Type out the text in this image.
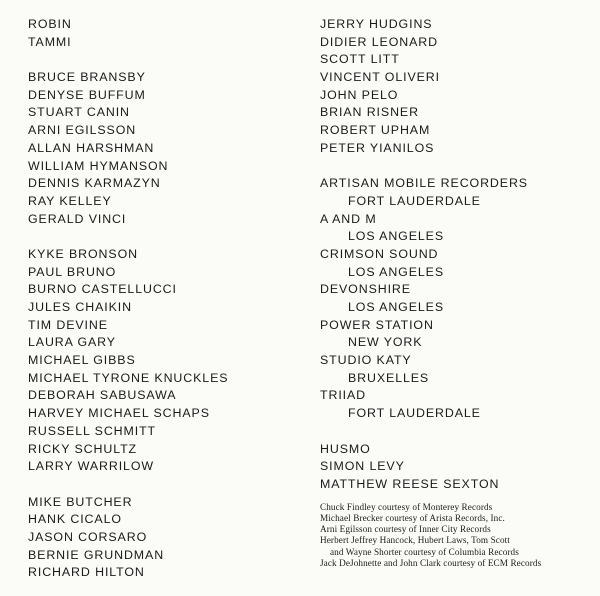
ROBIN
TAMMI
BRUCE BRANSBY
DENYSE BUFFUM
STUART CANIN
ARNI EGILSSON
ALLAN HARSHMAN
WILLIAM HYMANSON
DENNIS KARMAZYN
RAY KELLEY
GERALD VINCI
KYKE BRONSON
PAUL BRUNO
BURNO CASTELLUCCI
JULES CHAIKIN
TIM DEVINE
LAURA GARY
MICHAEL GIBBS
MICHAEL TYRONE KNUCKLES
DEBORAH SABUSAWA
HARVEY MICHAEL SCHAPS
RUSSELL SCHMITT
RICKY SCHULTZ
LARRY WARRILOW
MIKE BUTCHER
HANK CICALO
JASON CORSARO
BERNIE GRUNDMAN
RICHARD HILTON
JERRY HUDGINS
DIDIER LEONARD
SCOTT LITT
VINCENT OLIVERI
JOHN PELO
BRIAN RISNER
ROBERT UPHAM
PETER YIANILOS
ARTISAN MOBILE RECORDERS
FORT LAUDERDALE
A AND M
LOS ANGELES
CRIMSON SOUND
LOS ANGELES
DEVONSHIRE
LOS ANGELES
POWER STATION
NEW YORK
STUDIO KATY
BRUXELLES
TRIIAD
FORT LAUDERDALE
HUSMO
SIMON LEVY
MATTHEW REESE SEXTON
Chuck Findley courtesy of Monterey Records
Michael Brecker courtesy of Arista Records, Inc.
Arni Egilsson courtesy of Inner City Records
Herbert Jeffrey Hancock, Hubert Laws, Tom Scott
and Wayne Shorter courtesy of Columbia Records
Jack DeJohnette and John Clark courtesy of ECM Records
